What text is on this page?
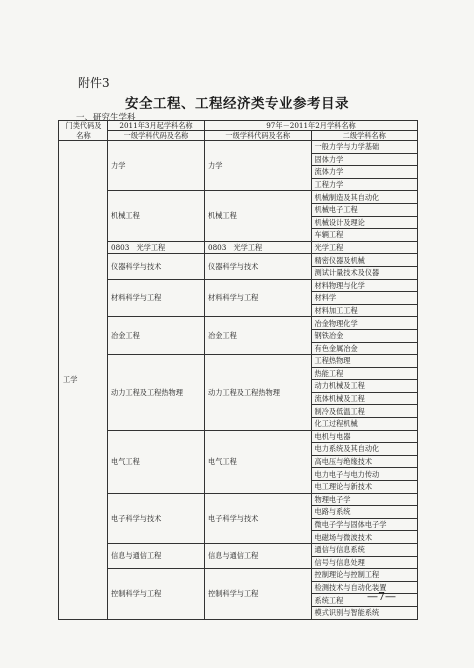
附件3
安全工程、工程经济类专业参考目录
一、研究生学科
门类代码及名称	2011年3月起学科名称	97年－2011年2月学科名称	
	一级学科代码及名称	一级学科代码及名称	二级学科名称
工学	力学	力学	一般力学与力学基础
			固体力学
			流体力学
			工程力学
	机械工程	机械工程	机械制造及其自动化
			机械电子工程
			机械设计及理论
			车辆工程
	0803　光学工程	0803　光学工程	光学工程
	仪器科学与技术	仪器科学与技术	精密仪器及机械
			测试计量技术及仪器
	材料科学与工程	材料科学与工程	材料物理与化学
			材料学
			材料加工工程
	冶金工程	冶金工程	冶金物理化学
			钢铁冶金
			有色金属冶金
	动力工程及工程热物理	动力工程及工程热物理	工程热物理
			热能工程
			动力机械及工程
			流体机械及工程
			制冷及低温工程
			化工过程机械
	电气工程	电气工程	电机与电器
			电力系统及其自动化
			高电压与绝缘技术
			电力电子与电力传动
			电工理论与新技术
	电子科学与技术	电子科学与技术	物理电子学
			电路与系统
			微电子学与固体电子学
			电磁场与微波技术
	信息与通信工程	信息与通信工程	通信与信息系统
			信号与信息处理
	控制科学与工程	控制科学与工程	控制理论与控制工程
			检测技术与自动化装置
			系统工程
			模式识别与智能系统
—7—
